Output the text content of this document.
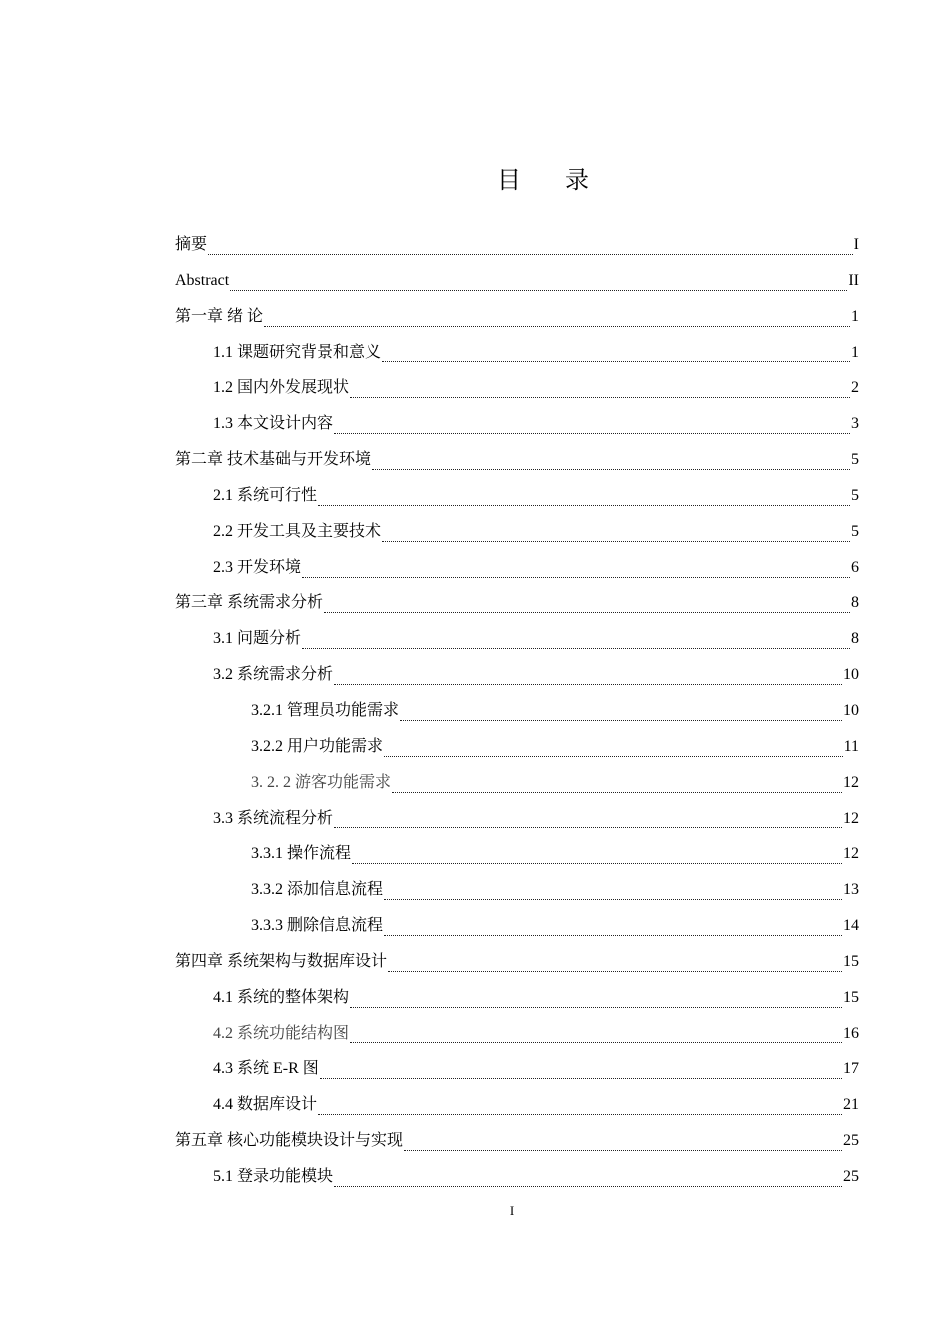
目 录
摘要	I
Abstract	II
第一章 绪 论	1
1.1 课题研究背景和意义	1
1.2 国内外发展现状	2
1.3 本文设计内容	3
第二章 技术基础与开发环境	5
2.1 系统可行性	5
2.2 开发工具及主要技术	5
2.3 开发环境	6
第三章 系统需求分析	8
3.1 问题分析	8
3.2 系统需求分析	10
3.2.1 管理员功能需求	10
3.2.2 用户功能需求	11
3. 2. 2 游客功能需求	12
3.3 系统流程分析	12
3.3.1 操作流程	12
3.3.2 添加信息流程	13
3.3.3 删除信息流程	14
第四章 系统架构与数据库设计	15
4.1 系统的整体架构	15
4.2 系统功能结构图	16
4.3 系统 E-R 图	17
4.4 数据库设计	21
第五章 核心功能模块设计与实现	25
5.1 登录功能模块	25
I
